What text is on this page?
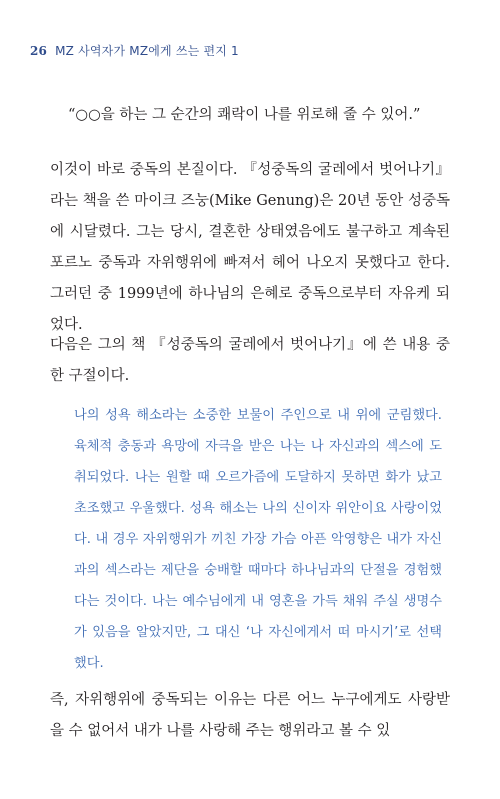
26 MZ 사역자가 MZ에게 쓰는 편지 1

“○○을 하는 그 순간의 쾌락이 나를 위로해 줄 수 있어.”

이것이 바로 중독의 본질이다. 『성중독의 굴레에서 벗어나기』라는 책을 쓴 마이크 즈눙(Mike Genung)은 20년 동안 성중독에 시달렸다. 그는 당시, 결혼한 상태였음에도 불구하고 계속된 포르노 중독과 자위행위에 빠져서 헤어 나오지 못했다고 한다. 그러던 중 1999년에 하나님의 은혜로 중독으로부터 자유케 되었다.

다음은 그의 책 『성중독의 굴레에서 벗어나기』에 쓴 내용 중 한 구절이다.

나의 성욕 해소라는 소중한 보물이 주인으로 내 위에 군림했다. 육체적 충동과 욕망에 자극을 받은 나는 나 자신과의 섹스에 도취되었다. 나는 원할 때 오르가즘에 도달하지 못하면 화가 났고 초조했고 우울했다. 성욕 해소는 나의 신이자 위안이요 사랑이었다. 내 경우 자위행위가 끼친 가장 가슴 아픈 악영향은 내가 자신과의 섹스라는 제단을 숭배할 때마다 하나님과의 단절을 경험했다는 것이다. 나는 예수님에게 내 영혼을 가득 채워 주실 생명수가 있음을 알았지만, 그 대신 ‘나 자신에게서 떠 마시기’로 선택했다.

즉, 자위행위에 중독되는 이유는 다른 어느 누구에게도 사랑받을 수 없어서 내가 나를 사랑해 주는 행위라고 볼 수 있
